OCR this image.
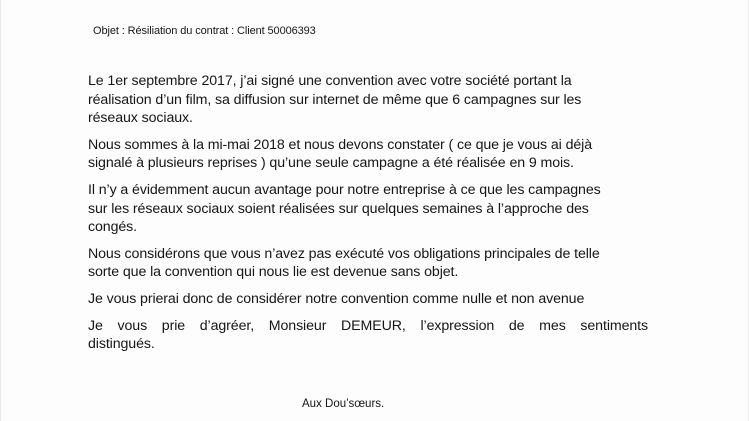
Objet : Résiliation du contrat : Client 50006393

Le 1er septembre 2017, j’ai signé une convention avec votre société portant la
réalisation d’un film, sa diffusion sur internet de même que 6 campagnes sur les
réseaux sociaux.

Nous sommes à la mi-mai 2018 et nous devons constater ( ce que je vous ai déjà
signalé à plusieurs reprises ) qu’une seule campagne a été réalisée en 9 mois.

Il n’y a évidemment aucun avantage pour notre entreprise à ce que les campagnes
sur les réseaux sociaux soient réalisées sur quelques semaines à l’approche des
congés.

Nous considérons que vous n’avez pas exécuté vos obligations principales de telle
sorte que la convention qui nous lie est devenue sans objet.

Je vous prierai donc de considérer notre convention comme nulle et non avenue

Je vous prie d’agréer, Monsieur DEMEUR, l’expression de mes sentiments
distingués.

Aux Dou’sœurs.
